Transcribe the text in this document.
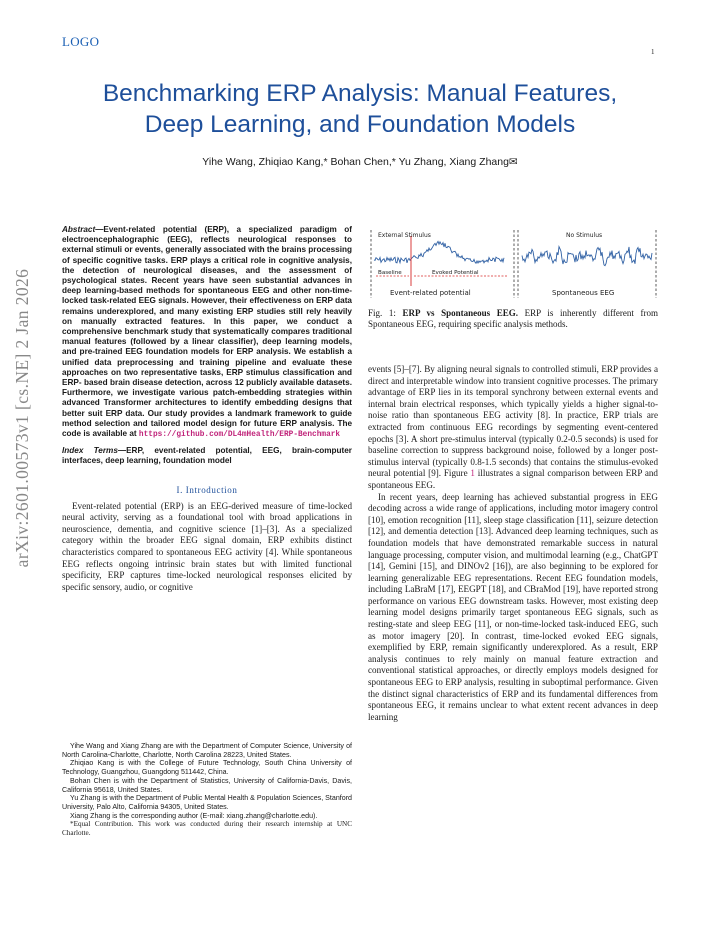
LOGO
1
Benchmarking ERP Analysis: Manual Features,
Deep Learning, and Foundation Models
Yihe Wang, Zhiqiao Kang,* Bohan Chen,* Yu Zhang, Xiang Zhang✉
arXiv:2601.00573v1 [cs.NE] 2 Jan 2026
Abstract—Event-related potential (ERP), a specialized paradigm of electroencephalographic (EEG), reflects neurological responses to external stimuli or events, generally associated with the brains processing of specific cognitive tasks. ERP plays a critical role in cognitive analysis, the detection of neurological diseases, and the assessment of psychological states. Recent years have seen substantial advances in deep learning-based methods for spontaneous EEG and other non-time-locked task-related EEG signals. However, their effectiveness on ERP data remains underexplored, and many existing ERP studies still rely heavily on manually extracted features. In this paper, we conduct a comprehensive benchmark study that systematically compares traditional manual features (followed by a linear classifier), deep learning models, and pre-trained EEG foundation models for ERP analysis. We establish a unified data preprocessing and training pipeline and evaluate these approaches on two representative tasks, ERP stimulus classification and ERP- based brain disease detection, across 12 publicly available datasets. Furthermore, we investigate various patch-embedding strategies within advanced Transformer architectures to identify embedding designs that better suit ERP data. Our study provides a landmark framework to guide method selection and tailored model design for future ERP analysis. The code is available at https://github.com/DL4mHealth/ERP-Benchmark
Index Terms—ERP, event-related potential, EEG, brain-computer interfaces, deep learning, foundation model
I. Introduction

Event-related potential (ERP) is an EEG-derived measure of time-locked neural activity, serving as a foundational tool with broad applications in neuroscience, dementia, and cognitive science [1]–[3]. As a specialized category within the broader EEG signal domain, ERP exhibits distinct characteristics compared to spontaneous EEG activity [4]. While spontaneous EEG reflects ongoing intrinsic brain states but with limited functional specificity, ERP captures time-locked neurological responses elicited by specific sensory, audio, or cognitive

Yihe Wang and Xiang Zhang are with the Department of Computer Science, University of North Carolina-Charlotte, Charlotte, North Carolina 28223, United States.

Zhiqiao Kang is with the College of Future Technology, South China University of Technology, Guangzhou, Guangdong 511442, China.

Bohan Chen is with the Department of Statistics, University of California-Davis, Davis, California 95618, United States.

Yu Zhang is with the Department of Public Mental Health & Population Sciences, Stanford University, Palo Alto, California 94305, United States.

Xiang Zhang is the corresponding author (E-mail: xiang.zhang@charlotte.edu).

*Equal Contribution. This work was conducted during their research internship at UNC Charlotte.

External Stimulus
Baseline	Evoked Potential
Event-related potential
No Stimulus
Spontaneous EEG
Fig. 1: ERP vs Spontaneous EEG. ERP is inherently different from Spontaneous EEG, requiring specific analysis methods.

events [5]–[7]. By aligning neural signals to controlled stimuli, ERP provides a direct and interpretable window into transient cognitive processes. The primary advantage of ERP lies in its temporal synchrony between external events and internal brain electrical responses, which typically yields a higher signal-to-noise ratio than spontaneous EEG activity [8]. In practice, ERP trials are extracted from continuous EEG recordings by segmenting event-centered epochs [3]. A short pre-stimulus interval (typically 0.2-0.5 seconds) is used for baseline correction to suppress background noise, followed by a longer post-stimulus interval (typically 0.8-1.5 seconds) that contains the stimulus-evoked neural potential [9]. Figure 1 illustrates a signal comparison between ERP and spontaneous EEG.

In recent years, deep learning has achieved substantial progress in EEG decoding across a wide range of applications, including motor imagery control [10], emotion recognition [11], sleep stage classification [11], seizure detection [12], and dementia detection [13]. Advanced deep learning techniques, such as foundation models that have demonstrated remarkable success in natural language processing, computer vision, and multimodal learning (e.g., ChatGPT [14], Gemini [15], and DINOv2 [16]), are also beginning to be explored for learning generalizable EEG representations. Recent EEG foundation models, including LaBraM [17], EEGPT [18], and CBraMod [19], have reported strong performance on various EEG downstream tasks. However, most existing deep learning model designs primarily target spontaneous EEG signals, such as resting-state and sleep EEG [11], or non-time-locked task-induced EEG, such as motor imagery [20]. In contrast, time-locked evoked EEG signals, exemplified by ERP, remain significantly underexplored. As a result, ERP analysis continues to rely mainly on manual feature extraction and conventional statistical approaches, or directly employs models designed for spontaneous EEG to ERP analysis, resulting in suboptimal performance. Given the distinct signal characteristics of ERP and its fundamental differences from spontaneous EEG, it remains unclear to what extent recent advances in deep learning
